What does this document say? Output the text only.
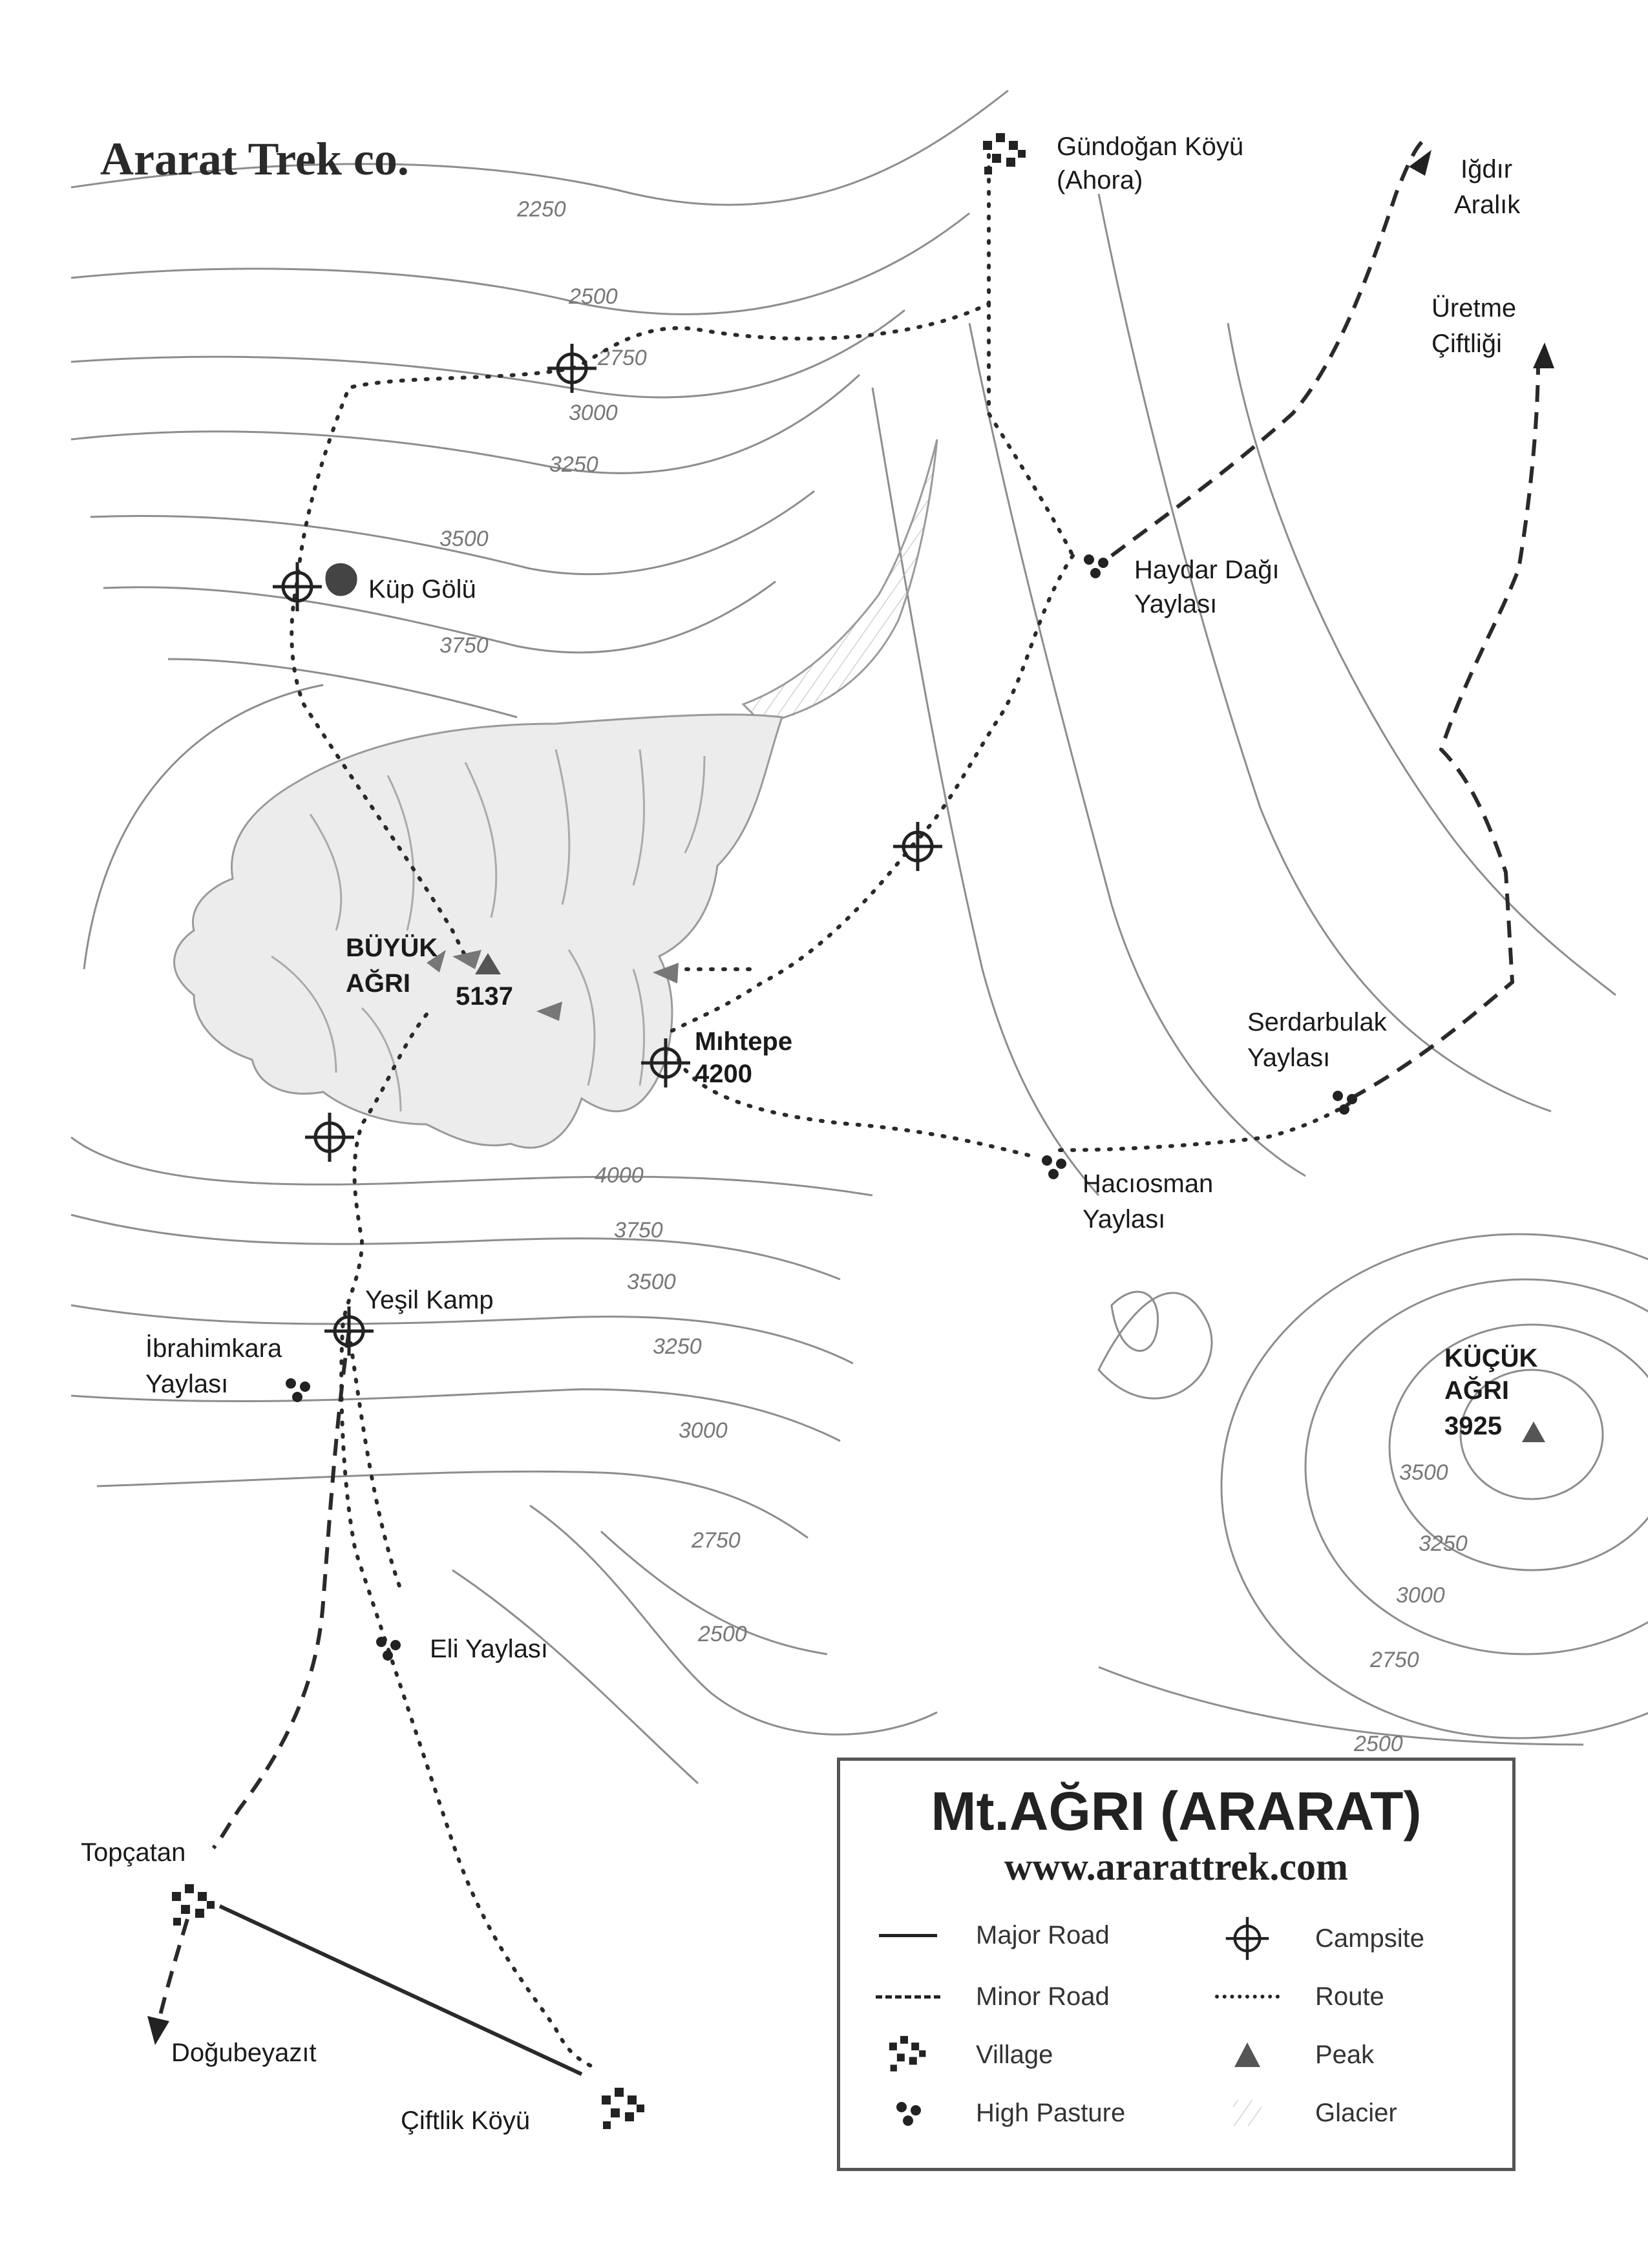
2250
2500
2750
3000
3250
3500
3750
4000
3750
3500
3250
3000
2750
2500
3500
3250
3000
2750
2500
Gündoğan Köyü
(Ahora)	Iğdır
Aralık
Üretme
Çiftliği
Küp Gölü
Haydar Dağı
Yaylası
BÜYÜK
AĞRI 5137
Mıhtepe
4200
Serdarbulak
Yaylası
Hacıosman
Yaylası
Yeşil Kamp
İbrahimkara
Yaylası
KÜÇÜK
AĞRI
3925
Eli Yaylası
Topçatan
Doğubeyazıt
Çiftlik Köyü
Ararat Trek co.
Mt.AĞRI (ARARAT)
www.ararattrek.com
Major Road
Minor Road
Village
High Pasture
Campsite
Route
Peak
Glacier
